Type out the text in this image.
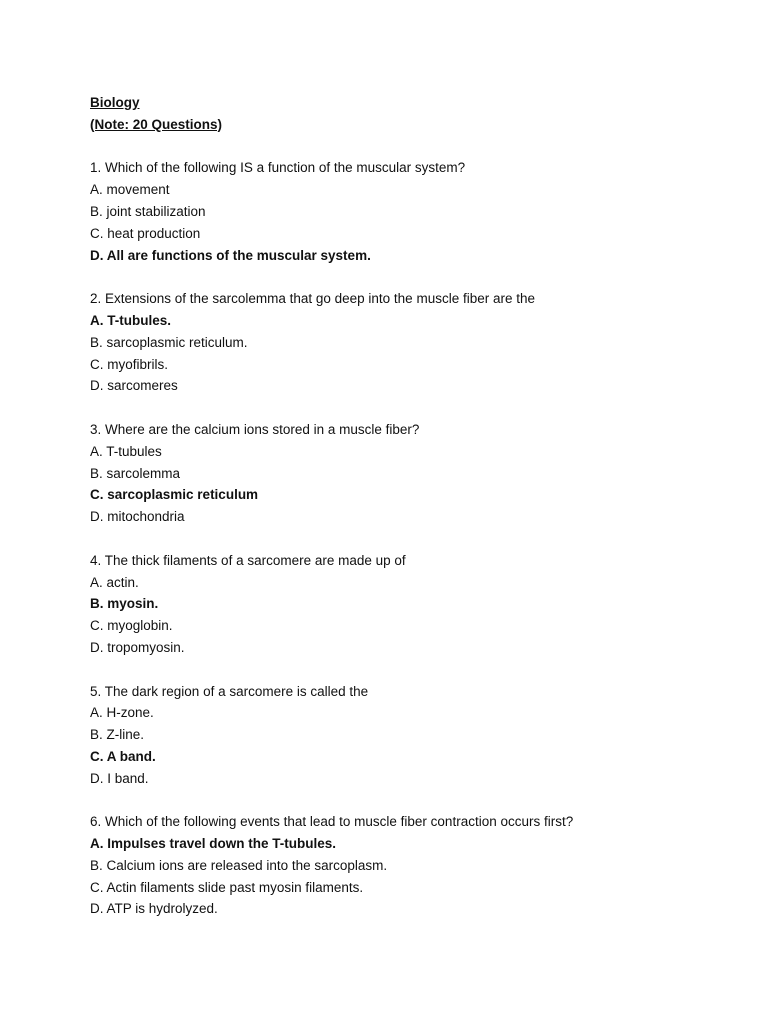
Biology
(Note: 20 Questions)
1. Which of the following IS a function of the muscular system?
A. movement
B. joint stabilization
C. heat production
D. All are functions of the muscular system.
2. Extensions of the sarcolemma that go deep into the muscle fiber are the
A. T-tubules.
B. sarcoplasmic reticulum.
C. myofibrils.
D. sarcomeres
3. Where are the calcium ions stored in a muscle fiber?
A. T-tubules
B. sarcolemma
C. sarcoplasmic reticulum
D. mitochondria
4. The thick filaments of a sarcomere are made up of
A. actin.
B. myosin.
C. myoglobin.
D. tropomyosin.
5. The dark region of a sarcomere is called the
A. H-zone.
B. Z-line.
C. A band.
D. I band.
6. Which of the following events that lead to muscle fiber contraction occurs first?
A. Impulses travel down the T-tubules.
B. Calcium ions are released into the sarcoplasm.
C. Actin filaments slide past myosin filaments.
D. ATP is hydrolyzed.
